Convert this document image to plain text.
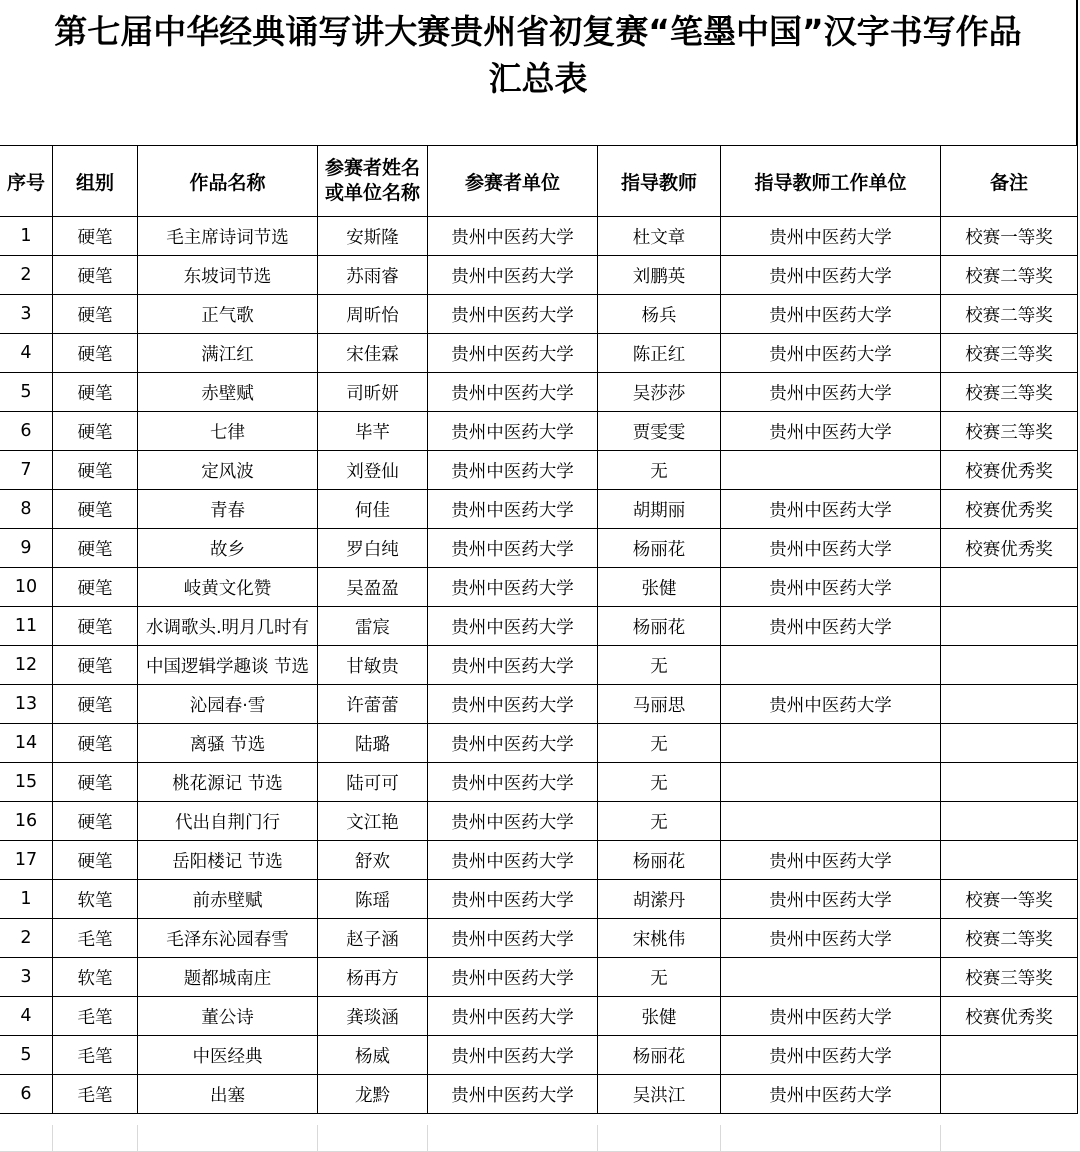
第七届中华经典诵写讲大赛贵州省初复赛“笔墨中国”汉字书写作品
汇总表
序号	组别	作品名称	参赛者姓名
或单位名称	参赛者单位	指导教师	指导教师工作单位	备注
1	硬笔	毛主席诗词节选	安斯隆	贵州中医药大学	杜文章	贵州中医药大学	校赛一等奖
2	硬笔	东坡词节选	苏雨睿	贵州中医药大学	刘鹏英	贵州中医药大学	校赛二等奖
3	硬笔	正气歌	周昕怡	贵州中医药大学	杨兵	贵州中医药大学	校赛二等奖
4	硬笔	满江红	宋佳霖	贵州中医药大学	陈正红	贵州中医药大学	校赛三等奖
5	硬笔	赤壁赋	司昕妍	贵州中医药大学	吴莎莎	贵州中医药大学	校赛三等奖
6	硬笔	七律	毕芊	贵州中医药大学	贾雯雯	贵州中医药大学	校赛三等奖
7	硬笔	定风波	刘登仙	贵州中医药大学	无		校赛优秀奖
8	硬笔	青春	何佳	贵州中医药大学	胡期丽	贵州中医药大学	校赛优秀奖
9	硬笔	故乡	罗白纯	贵州中医药大学	杨丽花	贵州中医药大学	校赛优秀奖
10	硬笔	岐黄文化赞	吴盈盈	贵州中医药大学	张健	贵州中医药大学	
11	硬笔	水调歌头.明月几时有	雷宸	贵州中医药大学	杨丽花	贵州中医药大学	
12	硬笔	中国逻辑学趣谈 节选	甘敏贵	贵州中医药大学	无		
13	硬笔	沁园春·雪	许蕾蕾	贵州中医药大学	马丽思	贵州中医药大学	
14	硬笔	离骚 节选	陆璐	贵州中医药大学	无		
15	硬笔	桃花源记 节选	陆可可	贵州中医药大学	无		
16	硬笔	代出自荆门行	文江艳	贵州中医药大学	无		
17	硬笔	岳阳楼记 节选	舒欢	贵州中医药大学	杨丽花	贵州中医药大学	
1	软笔	前赤壁赋	陈瑶	贵州中医药大学	胡潆丹	贵州中医药大学	校赛一等奖
2	毛笔	毛泽东沁园春雪	赵子涵	贵州中医药大学	宋桃伟	贵州中医药大学	校赛二等奖
3	软笔	题都城南庄	杨再方	贵州中医药大学	无		校赛三等奖
4	毛笔	董公诗	龚琰涵	贵州中医药大学	张健	贵州中医药大学	校赛优秀奖
5	毛笔	中医经典	杨威	贵州中医药大学	杨丽花	贵州中医药大学	
6	毛笔	出塞	龙黔	贵州中医药大学	吴洪江	贵州中医药大学	
